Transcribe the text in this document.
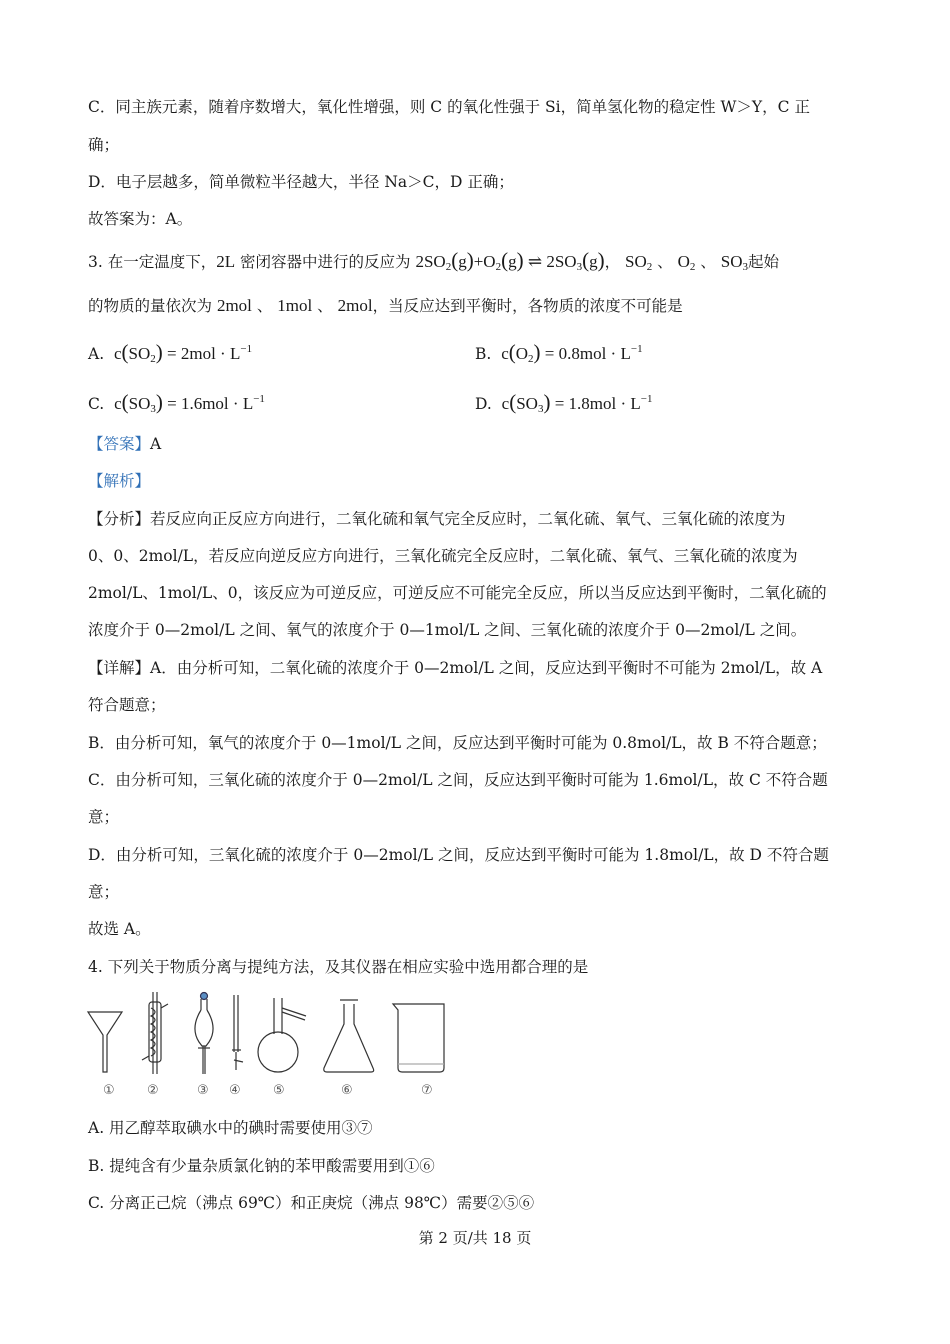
C．同主族元素，随着序数增大，氧化性增强，则 C 的氧化性强于 Si，简单氢化物的稳定性 W＞Y，C 正
确；
D．电子层越多，简单微粒半径越大，半径 Na＞C，D 正确；
故答案为：A。
3. 在一定温度下，2L 密闭容器中进行的反应为 $2SO_2(g)+O_2(g)$ ⇌ $2SO_3(g)$， $SO_2$ 、 $O_2$ 、 $SO_3$起始
的物质的量依次为 2mol 、 1mol 、 2mol，当反应达到平衡时，各物质的浓度不可能是
A. $c(SO_2) = 2mol \cdot L^{-1}$	B. $c(O_2) = 0.8mol \cdot L^{-1}$
C. $c(SO_3) = 1.6mol \cdot L^{-1}$	D. $c(SO_3) = 1.8mol \cdot L^{-1}$
【答案】A
【解析】
【分析】若反应向正反应方向进行，二氧化硫和氧气完全反应时，二氧化硫、氧气、三氧化硫的浓度为
0、0、2mol/L，若反应向逆反应方向进行，三氧化硫完全反应时，二氧化硫、氧气、三氧化硫的浓度为
2mol/L、1mol/L、0，该反应为可逆反应，可逆反应不可能完全反应，所以当反应达到平衡时，二氧化硫的
浓度介于 0—2mol/L 之间、氧气的浓度介于 0—1mol/L 之间、三氧化硫的浓度介于 0—2mol/L 之间。
【详解】A．由分析可知，二氧化硫的浓度介于 0—2mol/L 之间，反应达到平衡时不可能为 2mol/L，故 A
符合题意；
B．由分析可知，氧气的浓度介于 0—1mol/L 之间，反应达到平衡时可能为 0.8mol/L，故 B 不符合题意；
C．由分析可知，三氧化硫的浓度介于 0—2mol/L 之间，反应达到平衡时可能为 1.6mol/L，故 C 不符合题
意；
D．由分析可知，三氧化硫的浓度介于 0—2mol/L 之间，反应达到平衡时可能为 1.8mol/L，故 D 不符合题
意；
故选 A。
4. 下列关于物质分离与提纯方法，及其仪器在相应实验中选用都合理的是
① ②	③ ④ ⑤	⑥	⑦
A. 用乙醇萃取碘水中的碘时需要使用③⑦
B. 提纯含有少量杂质氯化钠的苯甲酸需要用到①⑥
C. 分离正己烷（沸点 69℃）和正庚烷（沸点 98℃）需要②⑤⑥
第 2 页/共 18 页
